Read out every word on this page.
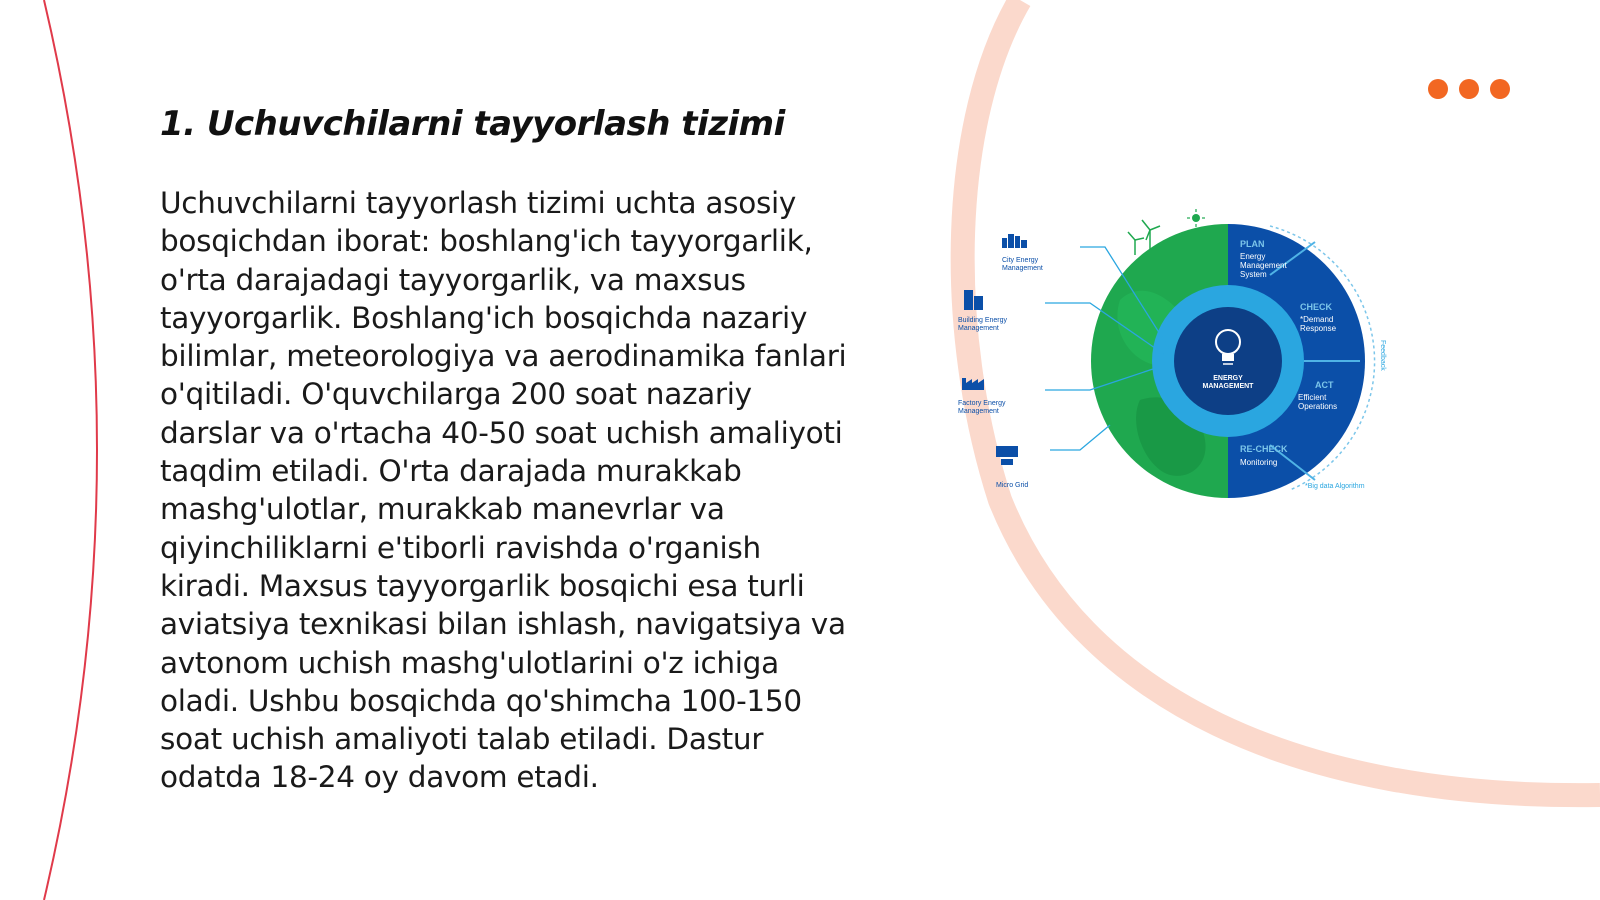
1. Uchuvchilarni tayyorlash tizimi

Uchuvchilarni tayyorlash tizimi uchta asosiy bosqichdan iborat: boshlang'ich tayyorgarlik, o'rta darajadagi tayyorgarlik, va maxsus tayyorgarlik. Boshlang'ich bosqichda nazariy bilimlar, meteorologiya va aerodinamika fanlari o'qitiladi. O'quvchilarga 200 soat nazariy darslar va o'rtacha 40-50 soat uchish amaliyoti taqdim etiladi. O'rta darajada murakkab mashg'ulotlar, murakkab manevrlar va qiyinchiliklarni e'tiborli ravishda o'rganish kiradi. Maxsus tayyorgarlik bosqichi esa turli aviatsiya texnikasi bilan ishlash, navigatsiya va avtonom uchish mashg'ulotlarini o'z ichiga oladi. Ushbu bosqichda qo'shimcha 100-150 soat uchish amaliyoti talab etiladi. Dastur odatda 18-24 oy davom etadi.

Feedback
ENERGY
MANAGEMENT
PLAN
Energy
Management
System
CHECK
*Demand
Response
ACT
Efficient
Operations
RE-CHECK
Monitoring
City Energy
Management
Building Energy
Management
Factory Energy
Management
Micro Grid	*Big data Algorithm
